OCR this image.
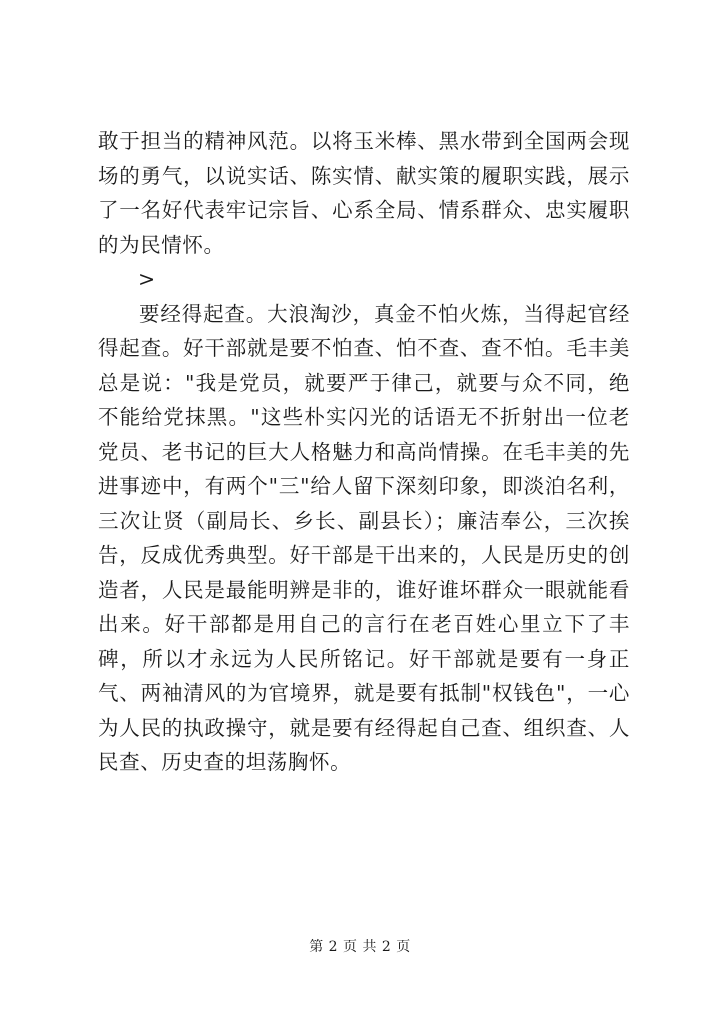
敢于担当的精神风范。以将玉米棒、黑水带到全国两会现场的勇气，以说实话、陈实情、献实策的履职实践，展示了一名好代表牢记宗旨、心系全局、情系群众、忠实履职的为民情怀。

>

要经得起查。大浪淘沙，真金不怕火炼，当得起官经得起查。好干部就是要不怕查、怕不查、查不怕。毛丰美总是说："我是党员，就要严于律己，就要与众不同，绝不能给党抹黑。"这些朴实闪光的话语无不折射出一位老党员、老书记的巨大人格魅力和高尚情操。在毛丰美的先进事迹中，有两个"三"给人留下深刻印象，即淡泊名利，三次让贤（副局长、乡长、副县长）；廉洁奉公，三次挨告，反成优秀典型。好干部是干出来的，人民是历史的创造者，人民是最能明辨是非的，谁好谁坏群众一眼就能看出来。好干部都是用自己的言行在老百姓心里立下了丰碑，所以才永远为人民所铭记。好干部就是要有一身正气、两袖清风的为官境界，就是要有抵制"权钱色"，一心为人民的执政操守，就是要有经得起自己查、组织查、人民查、历史查的坦荡胸怀。

第 2 页 共 2 页
